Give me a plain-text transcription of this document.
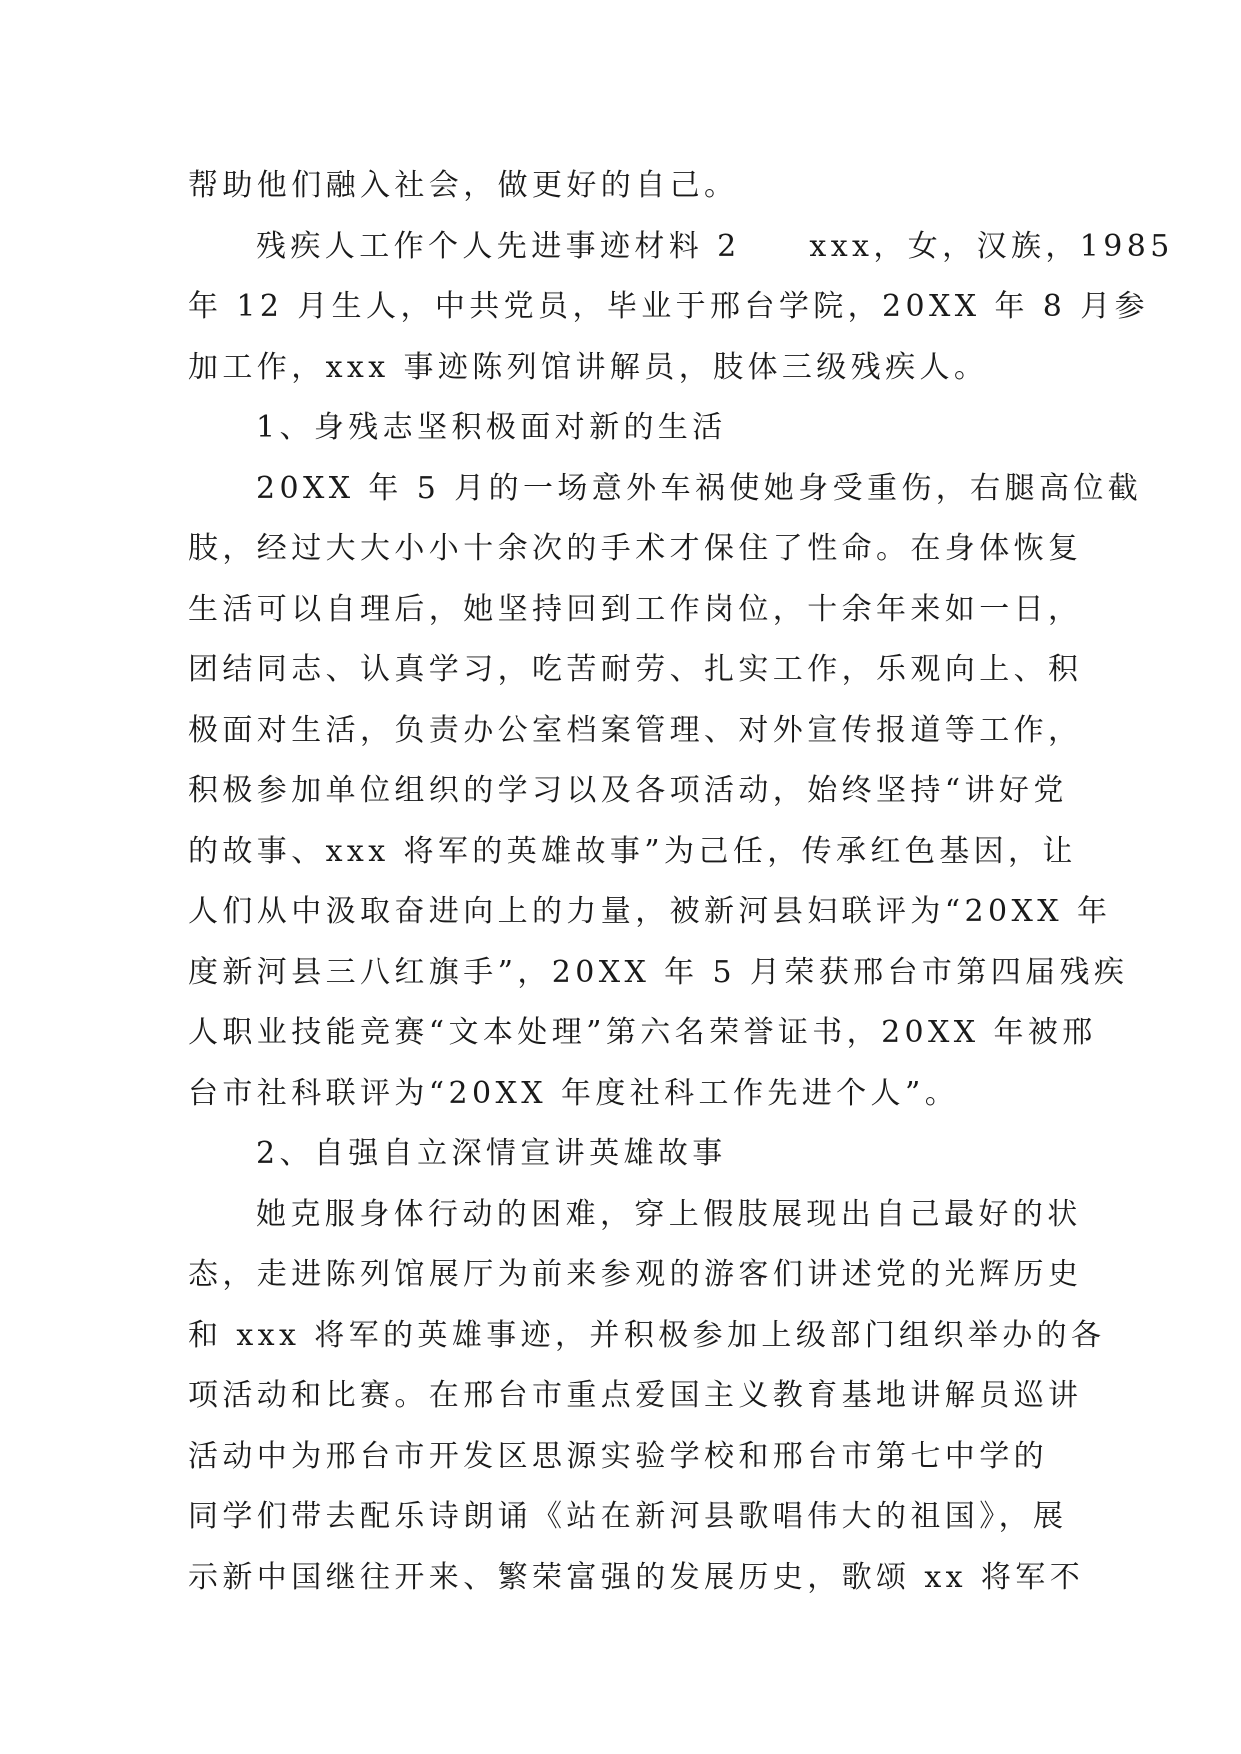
帮助他们融入社会，做更好的自己。
残疾人工作个人先进事迹材料 2　　xxx，女，汉族，1985
年 12 月生人，中共党员，毕业于邢台学院，20XX 年 8 月参
加工作，xxx 事迹陈列馆讲解员，肢体三级残疾人。
1、身残志坚积极面对新的生活
20XX 年 5 月的一场意外车祸使她身受重伤，右腿高位截
肢，经过大大小小十余次的手术才保住了性命。在身体恢复
生活可以自理后，她坚持回到工作岗位，十余年来如一日，
团结同志、认真学习，吃苦耐劳、扎实工作，乐观向上、积
极面对生活，负责办公室档案管理、对外宣传报道等工作，
积极参加单位组织的学习以及各项活动，始终坚持“讲好党
的故事、xxx 将军的英雄故事”为己任，传承红色基因，让
人们从中汲取奋进向上的力量，被新河县妇联评为“20XX 年
度新河县三八红旗手”，20XX 年 5 月荣获邢台市第四届残疾
人职业技能竞赛“文本处理”第六名荣誉证书，20XX 年被邢
台市社科联评为“20XX 年度社科工作先进个人”。
2、自强自立深情宣讲英雄故事
她克服身体行动的困难，穿上假肢展现出自己最好的状
态，走进陈列馆展厅为前来参观的游客们讲述党的光辉历史
和 xxx 将军的英雄事迹，并积极参加上级部门组织举办的各
项活动和比赛。在邢台市重点爱国主义教育基地讲解员巡讲
活动中为邢台市开发区思源实验学校和邢台市第七中学的
同学们带去配乐诗朗诵《站在新河县歌唱伟大的祖国》，展
示新中国继往开来、繁荣富强的发展历史，歌颂 xx 将军不
